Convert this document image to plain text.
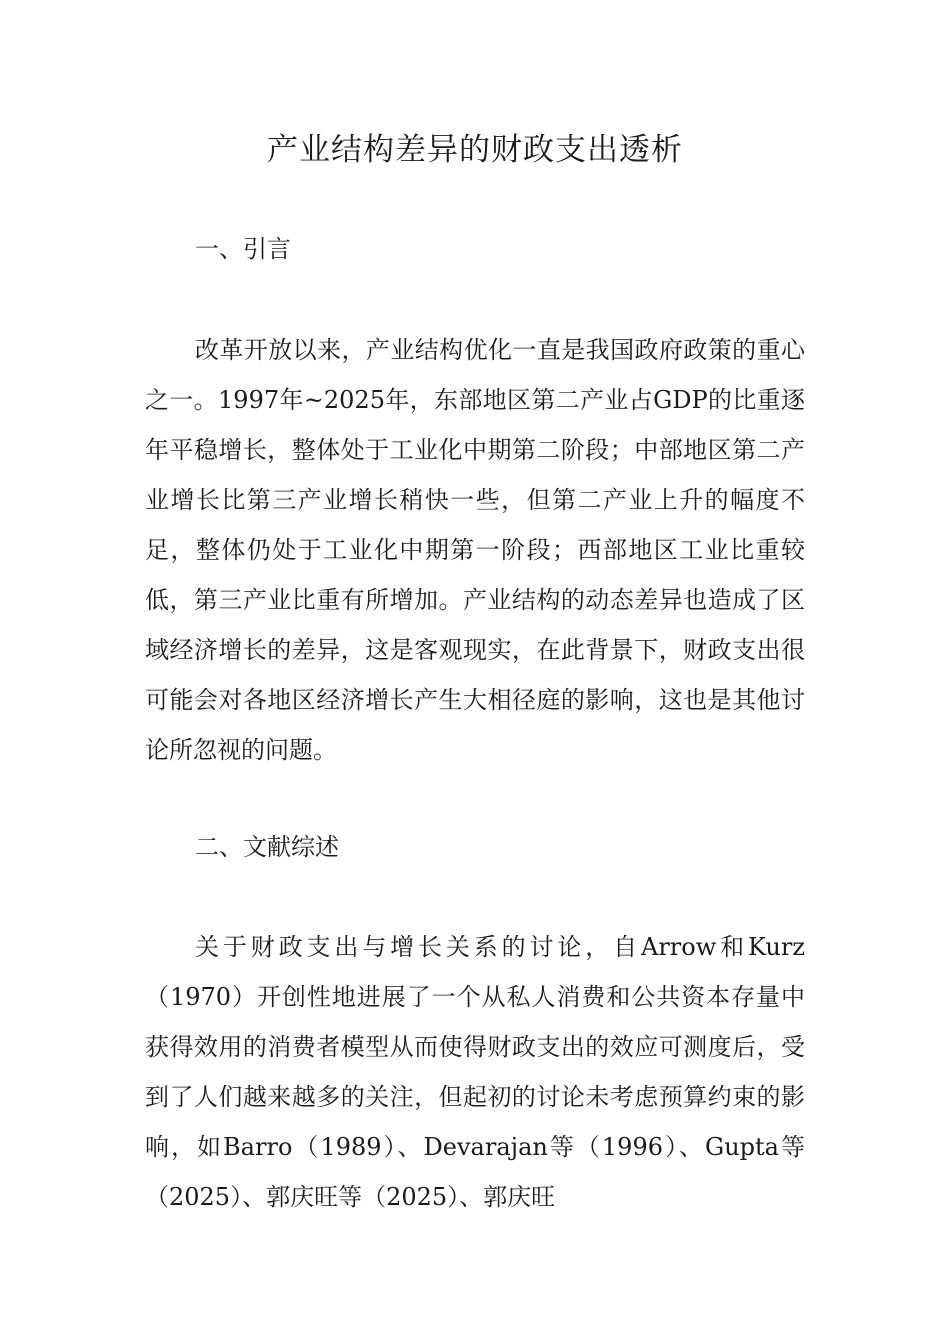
产业结构差异的财政支出透析
一、引言

改革开放以来，产业结构优化一直是我国政府政策的重心之一。1997年~2025年，东部地区第二产业占GDP的比重逐年平稳增长，整体处于工业化中期第二阶段；中部地区第二产业增长比第三产业增长稍快一些，但第二产业上升的幅度不足，整体仍处于工业化中期第一阶段；西部地区工业比重较低，第三产业比重有所增加。产业结构的动态差异也造成了区域经济增长的差异，这是客观现实，在此背景下，财政支出很可能会对各地区经济增长产生大相径庭的影响，这也是其他讨论所忽视的问题。

二、文献综述

关于财政支出与增长关系的讨论，自Arrow和Kurz（1970）开创性地进展了一个从私人消费和公共资本存量中获得效用的消费者模型从而使得财政支出的效应可测度后，受到了人们越来越多的关注，但起初的讨论未考虑预算约束的影响，如Barro（1989）、Devarajan等（1996）、Gupta等（2025）、郭庆旺等（2025）、郭庆旺
